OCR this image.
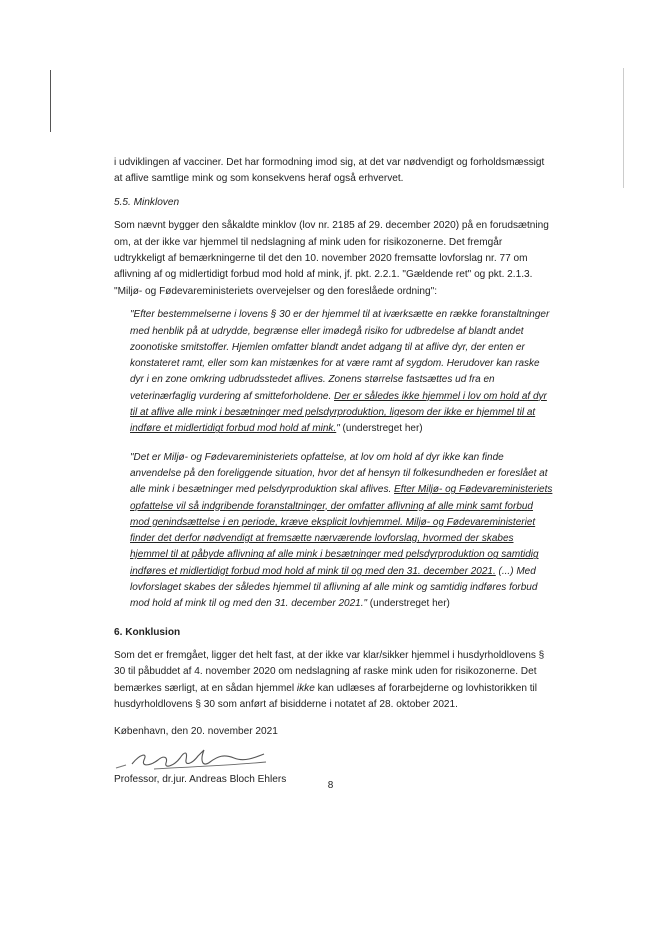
i udviklingen af vacciner. Det har formodning imod sig, at det var nødvendigt og forholdsmæssigt at aflive samtlige mink og som konsekvens heraf også erhvervet.

5.5. Minkloven

Som nævnt bygger den såkaldte minklov (lov nr. 2185 af 29. december 2020) på en forudsætning om, at der ikke var hjemmel til nedslagning af mink uden for risikozonerne. Det fremgår udtrykkeligt af bemærkningerne til det den 10. november 2020 fremsatte lovforslag nr. 77 om aflivning af og midlertidigt forbud mod hold af mink, jf. pkt. 2.2.1. "Gældende ret" og pkt. 2.1.3. "Miljø- og Fødevareministeriets overvejelser og den foreslåede ordning":

"Efter bestemmelserne i lovens § 30 er der hjemmel til at iværksætte en række foranstaltninger med henblik på at udrydde, begrænse eller imødegå risiko for udbredelse af blandt andet zoonotiske smitstoffer. Hjemlen omfatter blandt andet adgang til at aflive dyr, der enten er konstateret ramt, eller som kan mistænkes for at være ramt af sygdom. Herudover kan raske dyr i en zone omkring udbrudsstedet aflives. Zonens størrelse fastsættes ud fra en veterinærfaglig vurdering af smitteforholdene. Der er således ikke hjemmel i lov om hold af dyr til at aflive alle mink i besætninger med pelsdyrproduktion, ligesom der ikke er hjemmel til at indføre et midlertidigt forbud mod hold af mink." (understreget her)

"Det er Miljø- og Fødevareministeriets opfattelse, at lov om hold af dyr ikke kan finde anvendelse på den foreliggende situation, hvor det af hensyn til folkesundheden er foreslået at alle mink i besætninger med pelsdyrproduktion skal aflives. Efter Miljø- og Fødevareministeriets opfattelse vil så indgribende foranstaltninger, der omfatter aflivning af alle mink samt forbud mod genindsættelse i en periode, kræve eksplicit lovhjemmel. Miljø- og Fødevareministeriet finder det derfor nødvendigt at fremsætte nærværende lovforslag, hvormed der skabes hjemmel til at påbyde aflivning af alle mink i besætninger med pelsdyrproduktion og samtidig indføres et midlertidigt forbud mod hold af mink til og med den 31. december 2021. (...) Med lovforslaget skabes der således hjemmel til aflivning af alle mink og samtidig indføres forbud mod hold af mink til og med den 31. december 2021." (understreget her)

6. Konklusion

Som det er fremgået, ligger det helt fast, at der ikke var klar/sikker hjemmel i husdyrholdlovens § 30 til påbuddet af 4. november 2020 om nedslagning af raske mink uden for risikozonerne. Det bemærkes særligt, at en sådan hjemmel ikke kan udlæses af forarbejderne og lovhistorikken til husdyrholdlovens § 30 som anført af bisidderne i notatet af 28. oktober 2021.

København, den 20. november 2021

Professor, dr.jur. Andreas Bloch Ehlers

8
